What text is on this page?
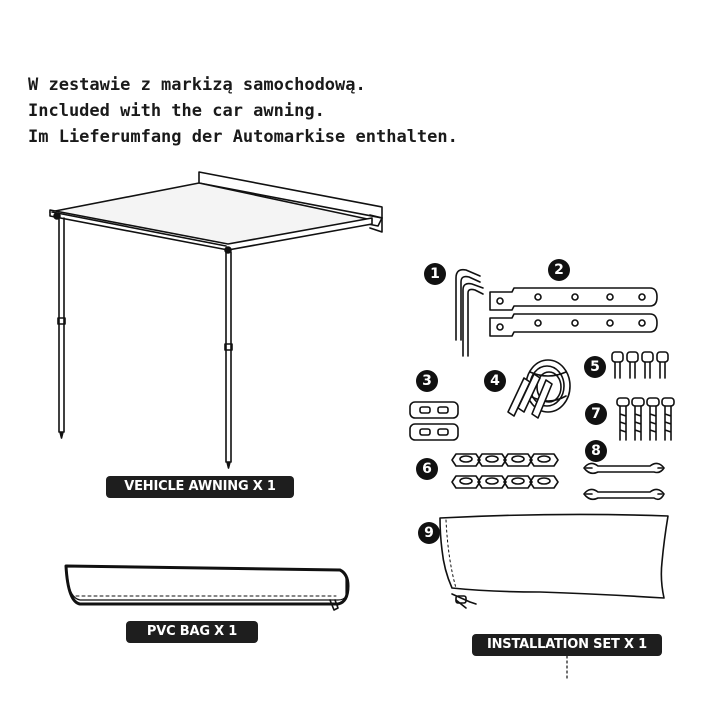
W zestawie z markizą samochodową.
Included with the car awning.
Im Lieferumfang der Automarkise enthalten.
1	2
3	4
5
6
7
8
9
VEHICLE AWNING X 1
PVC BAG X 1
INSTALLATION SET X 1
